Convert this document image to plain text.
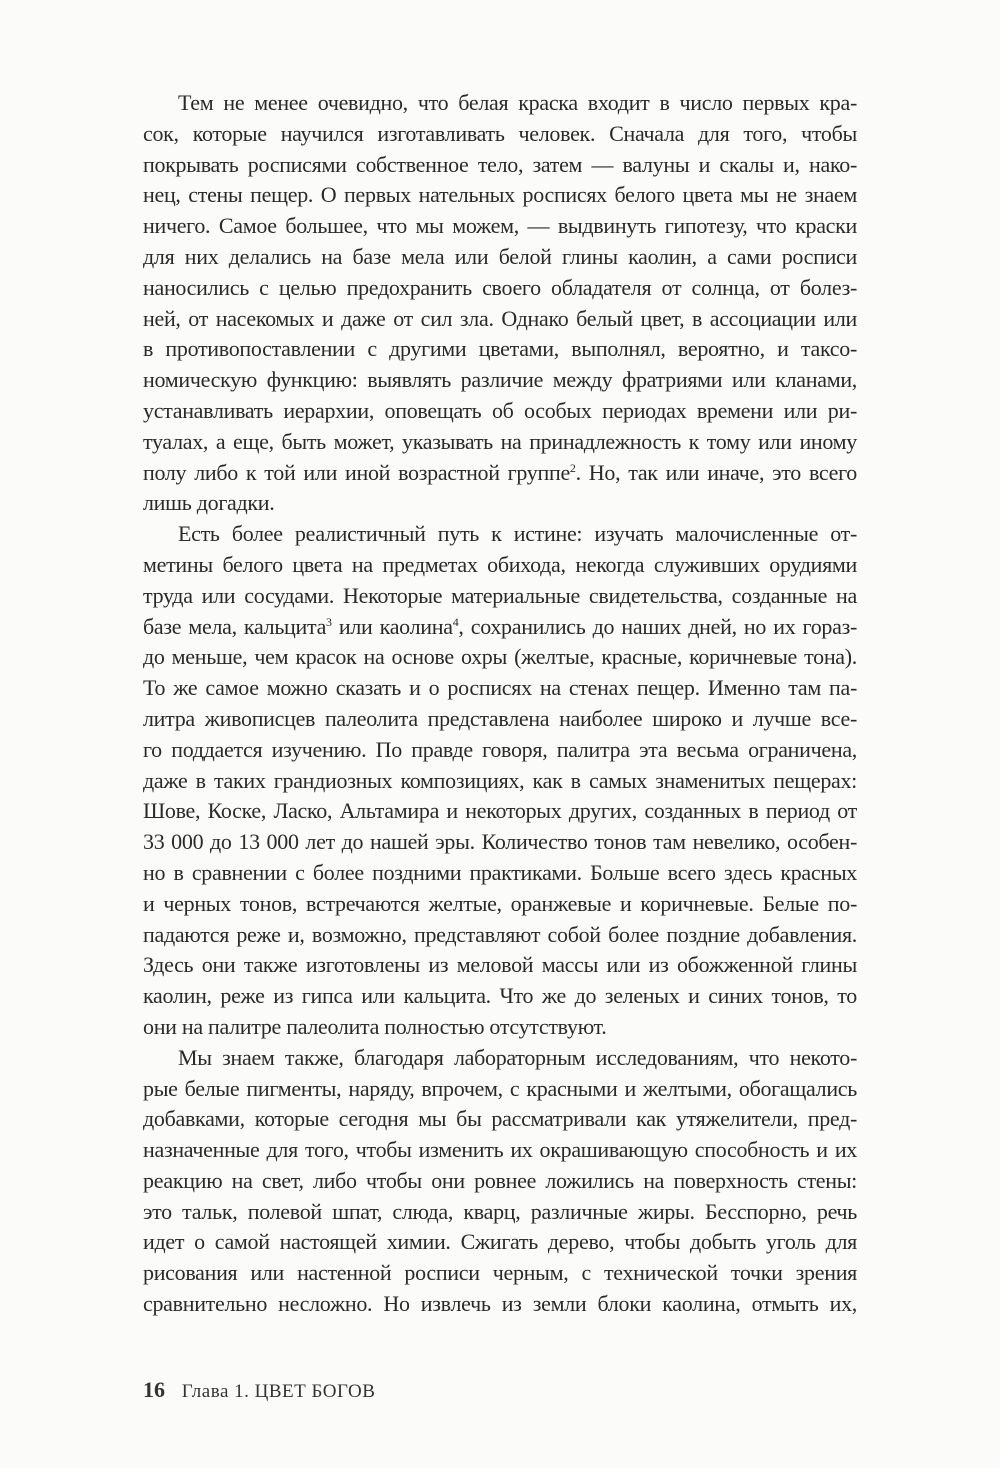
Тем не менее очевидно, что белая краска входит в число первых кра-
сок, которые научился изготавливать человек. Сначала для того, чтобы
покрывать росписями собственное тело, затем — валуны и скалы и, нако-
нец, стены пещер. О первых нательных росписях белого цвета мы не знаем
ничего. Самое большее, что мы можем, — выдвинуть гипотезу, что краски
для них делались на базе мела или белой глины каолин, а сами росписи
наносились с целью предохранить своего обладателя от солнца, от болез-
ней, от насекомых и даже от сил зла. Однако белый цвет, в ассоциации или
в противопоставлении с другими цветами, выполнял, вероятно, и таксо-
номическую функцию: выявлять различие между фратриями или кланами,
устанавливать иерархии, оповещать об особых периодах времени или ри-
туалах, а еще, быть может, указывать на принадлежность к тому или иному
полу либо к той или иной возрастной группе$^2$. Но, так или иначе, это всего
лишь догадки.
Есть более реалистичный путь к истине: изучать малочисленные от-
метины белого цвета на предметах обихода, некогда служивших орудиями
труда или сосудами. Некоторые материальные свидетельства, созданные на
базе мела, кальцита$^3$ или каолина$^4$, сохранились до наших дней, но их горaз-
до меньше, чем красок на основе охры (желтые, красные, коричневые тона).
То же самое можно сказать и о росписях на стенах пещер. Именно там па-
литра живописцев палеолита представлена наиболее широко и лучше все-
го поддается изучению. По правде говоря, палитра эта весьма ограничена,
даже в таких грандиозных композициях, как в самых знаменитых пещерах:
Шове, Коске, Ласко, Альтамира и некоторых других, созданных в период от
33 000 до 13 000 лет до нашей эры. Количество тонов там невелико, особен-
но в сравнении с более поздними практиками. Больше всего здесь красных
и черных тонов, встречаются желтые, оранжевые и коричневые. Белые по-
падаются реже и, возможно, представляют собой более поздние добавления.
Здесь они также изготовлены из меловой массы или из обожженной глины
каолин, реже из гипса или кальцита. Что же до зеленых и синих тонов, то
они на палитре палеолита полностью отсутствуют.
Мы знаем также, благодаря лабораторным исследованиям, что некото-
рые белые пигменты, наряду, впрочем, с красными и желтыми, обогащались
добавками, которые сегодня мы бы рассматривали как утяжелители, пред-
назначенные для того, чтобы изменить их окрашивающую способность и их
реакцию на свет, либо чтобы они ровнее ложились на поверхность стены:
это тальк, полевой шпат, слюда, кварц, различные жиры. Бесспорно, речь
идет о самой настоящей химии. Сжигать дерево, чтобы добыть уголь для
рисования или настенной росписи черным, с технической точки зрения
сравнительно несложно. Но извлечь из земли блоки каолина, отмыть их,
16 Глава 1. ЦВЕТ БОГОВ
